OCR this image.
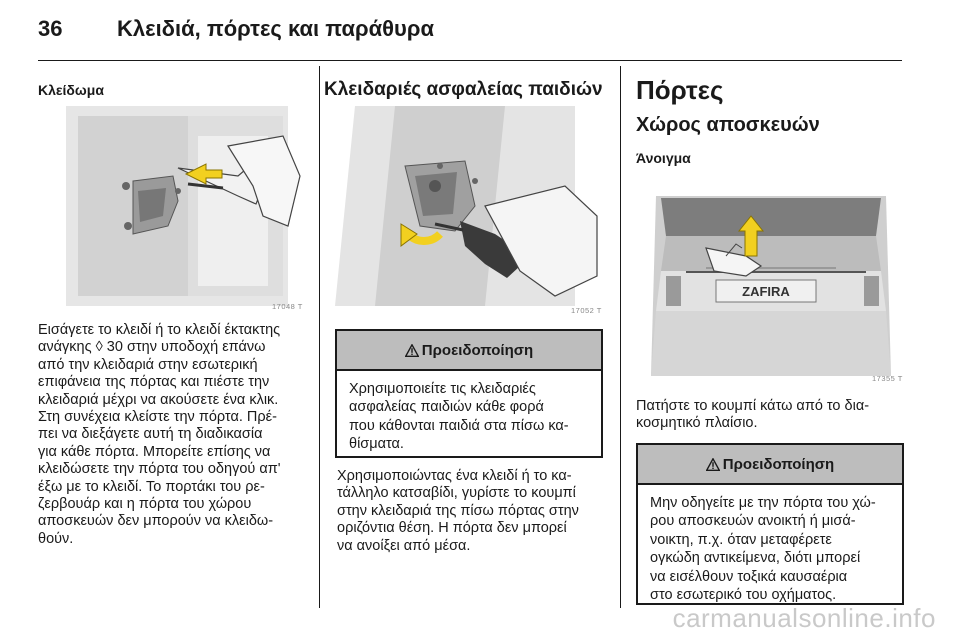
36 Κλειδιά, πόρτες και παράθυρα
Κλείδωμα
17048 T
Εισάγετε το κλειδί ή το κλειδί έκτακτης
ανάγκης ◊ 30 στην υποδοχή επάνω
από την κλειδαριά στην εσωτερική
επιφάνεια της πόρτας και πιέστε την
κλειδαριά μέχρι να ακούσετε ένα κλικ.
Στη συνέχεια κλείστε την πόρτα. Πρέ-
πει να διεξάγετε αυτή τη διαδικασία
για κάθε πόρτα. Μπορείτε επίσης να
κλειδώσετε την πόρτα του οδηγού απ'
έξω με το κλειδί. Το πορτάκι του ρε-
ζερβουάρ και η πόρτα του χώρου
αποσκευών δεν μπορούν να κλειδω-
θούν.
Κλειδαριές ασφαλείας παιδιών
17052 T
Προειδοποίηση
Χρησιμοποιείτε τις κλειδαριές
ασφαλείας παιδιών κάθε φορά
που κάθονται παιδιά στα πίσω κα-
θίσματα.
Χρησιμοποιώντας ένα κλειδί ή το κα-
τάλληλο κατσαβίδι, γυρίστε το κουμπί
στην κλειδαριά της πίσω πόρτας στην
οριζόντια θέση. Η πόρτα δεν μπορεί
να ανοίξει από μέσα.
Πόρτες
Χώρος αποσκευών
Άνοιγμα
ZAFIRA
17355 T
Πατήστε το κουμπί κάτω από το δια-
κοσμητικό πλαίσιο.
Προειδοποίηση
Μην οδηγείτε με την πόρτα του χώ-
ρου αποσκευών ανοικτή ή μισά-
νοικτη, π.χ. όταν μεταφέρετε
ογκώδη αντικείμενα, διότι μπορεί
να εισέλθουν τοξικά καυσαέρια
στο εσωτερικό του οχήματος.
carmanualsonline.info
